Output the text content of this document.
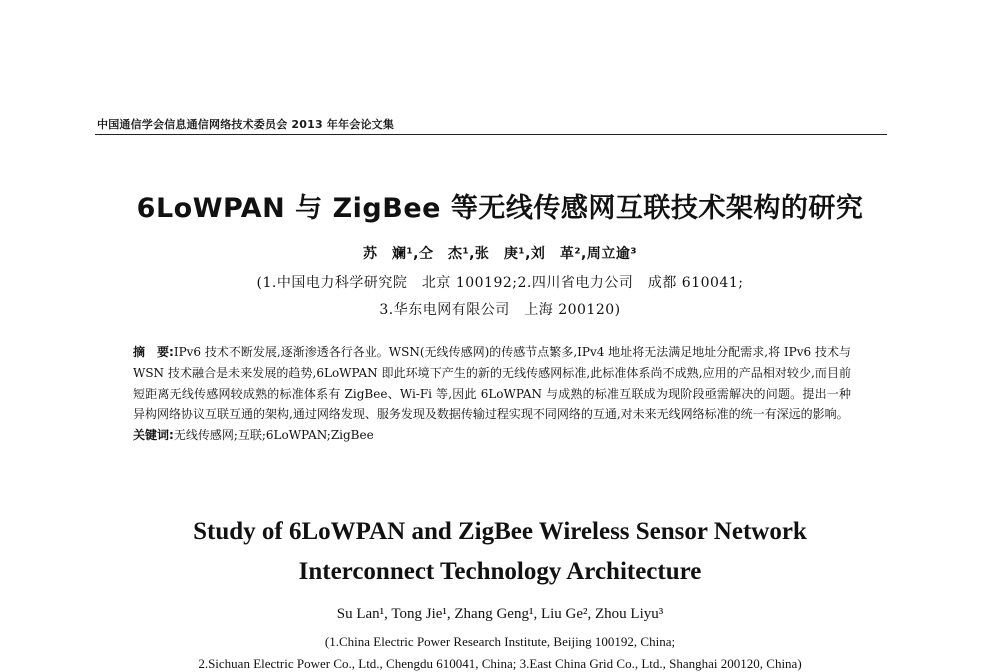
中国通信学会信息通信网络技术委员会 2013 年年会论文集
6LoWPAN 与 ZigBee 等无线传感网互联技术架构的研究
苏　斓¹,仝　杰¹,张　庚¹,刘　革²,周立逾³
(1.中国电力科学研究院　北京 100192;2.四川省电力公司　成都 610041;
3.华东电网有限公司　上海 200120)
摘　要:IPv6 技术不断发展,逐渐渗透各行各业。WSN(无线传感网)的传感节点繁多,IPv4 地址将无法满足地址分配需求,将 IPv6 技术与 WSN 技术融合是未来发展的趋势,6LoWPAN 即此环境下产生的新的无线传感网标准,此标准体系尚不成熟,应用的产品相对较少,而目前短距离无线传感网较成熟的标准体系有 ZigBee、Wi-Fi 等,因此 6LoWPAN 与成熟的标准互联成为现阶段亟需解决的问题。提出一种异构网络协议互联互通的架构,通过网络发现、服务发现及数据传输过程实现不同网络的互通,对未来无线网络标准的统一有深远的影响。
关键词:无线传感网;互联;6LoWPAN;ZigBee
Study of 6LoWPAN and ZigBee Wireless Sensor Network
Interconnect Technology Architecture
Su Lan¹, Tong Jie¹, Zhang Geng¹, Liu Ge², Zhou Liyu³
(1.China Electric Power Research Institute, Beijing 100192, China;
2.Sichuan Electric Power Co., Ltd., Chengdu 610041, China; 3.East China Grid Co., Ltd., Shanghai 200120, China)
